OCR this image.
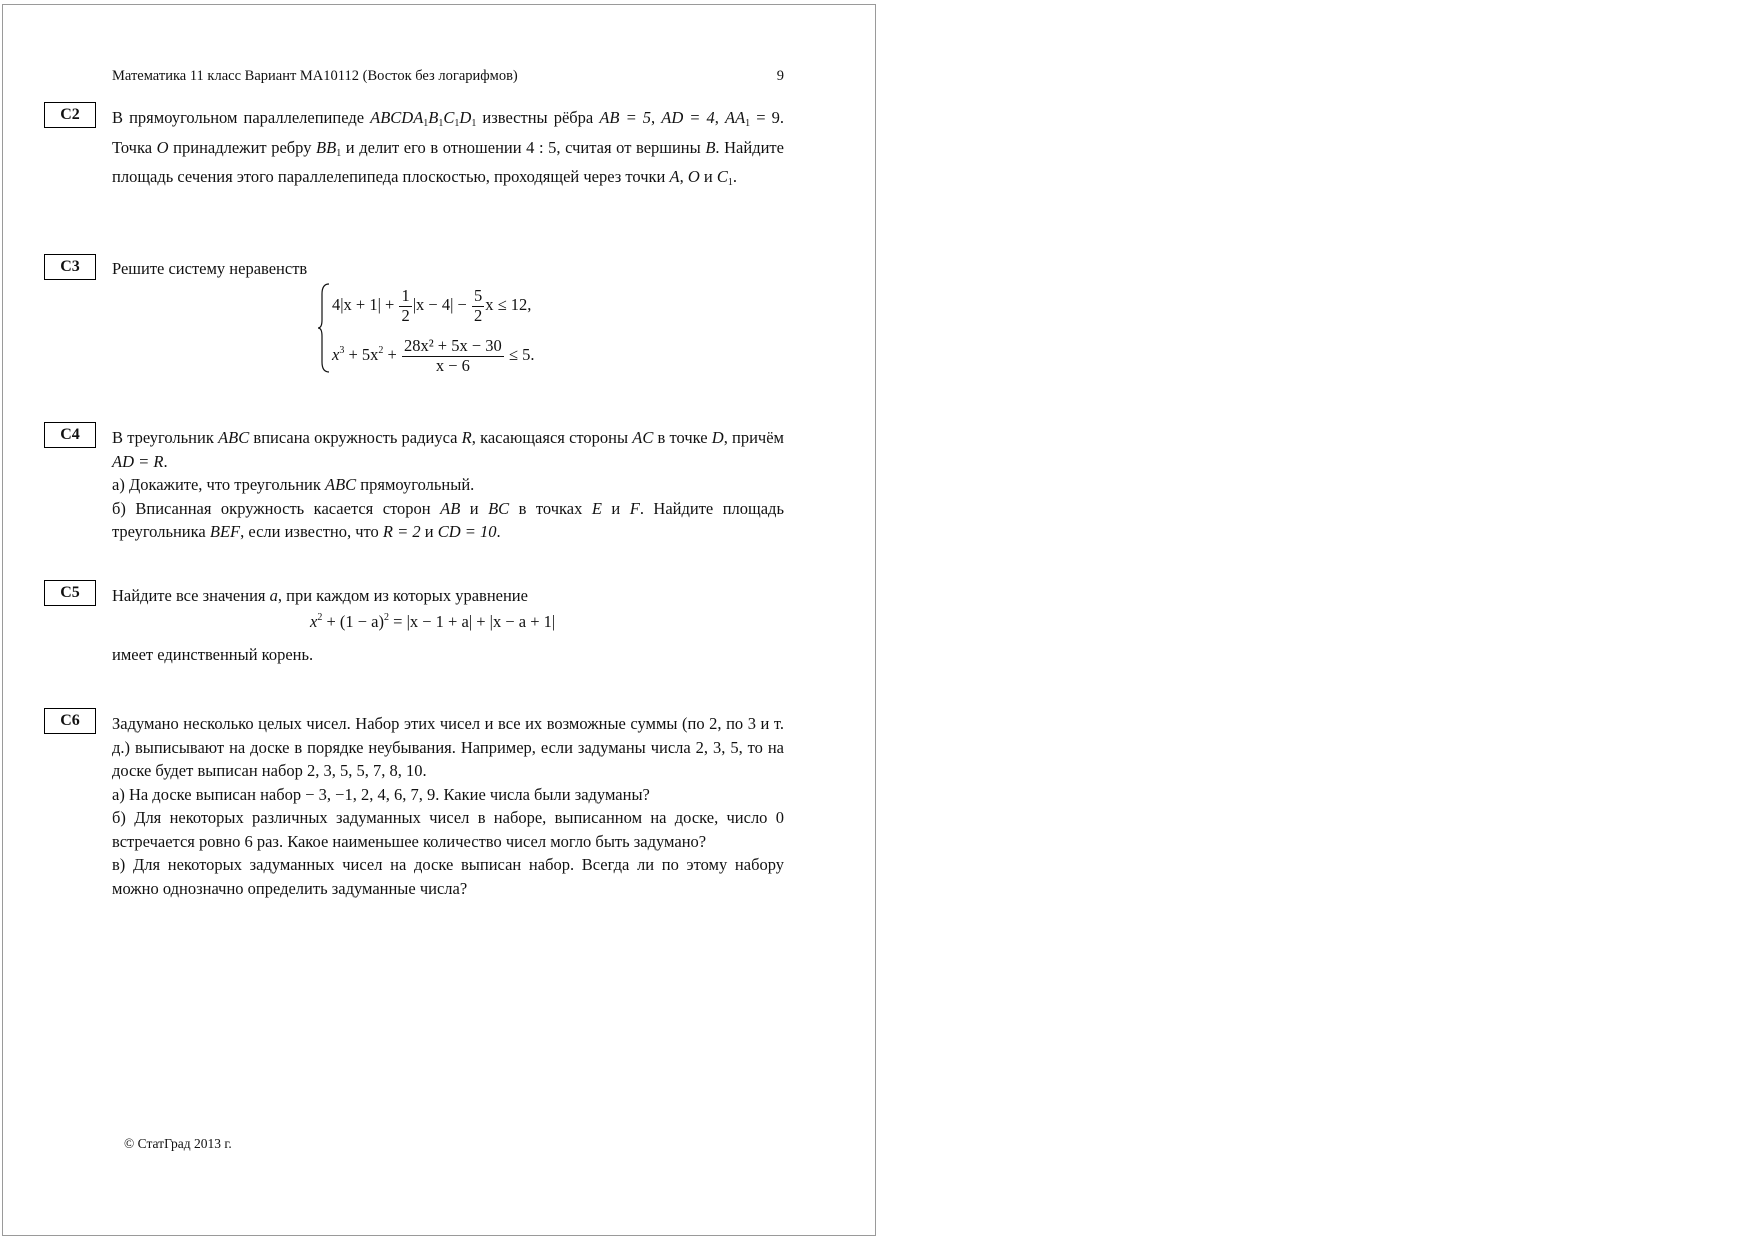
Математика 11 класс Вариант МА10112 (Восток без логарифмов)	9
C2	В прямоугольном параллелепипеде $ABCDA_1B_1C_1D_1$ известны рёбра AB = 5, AD = 4, $AA_1 = 9$. Точка O принадлежит ребру $BB_1$ и делит его в отношении 4 : 5, считая от вершины B. Найдите площадь сечения этого параллелепипеда плоскостью, проходящей через точки A, O и $C_1$.

C3	Решите систему неравенств
$4|x + 1| + \frac{1}{2} |x - 4| - \frac{5}{2}$ x ≤ 12,
$x^3 + 5x^2 + \frac{\text{28x² + 5x − 30}}{x - 6} \le 5$.
C4	В треугольник ABC вписана окружность радиуса R, касающаяся стороны AC в точке D, причём AD = R.

а) Докажите, что треугольник ABC прямоугольный.

б) Вписанная окружность касается сторон AB и BC в точках E и F. Найдите площадь треугольника BEF, если известно, что R = 2 и CD = 10.

C5	Найдите все значения a, при каждом из которых уравнение
$x^2 + (1 - a)^2 = |x - 1 + a| + |x - a + 1|$
имеет единственный корень.
C6	Задумано несколько целых чисел. Набор этих чисел и все их возможные суммы (по 2, по 3 и т. д.) выписывают на доске в порядке неубывания. Например, если задуманы числа 2, 3, 5, то на доске будет выписан набор 2, 3, 5, 5, 7, 8, 10.

а) На доске выписан набор − 3, −1, 2, 4, 6, 7, 9. Какие числа были задуманы?

б) Для некоторых различных задуманных чисел в наборе, выписанном на доске, число 0 встречается ровно 6 раз. Какое наименьшее количество чисел могло быть задумано?

в) Для некоторых задуманных чисел на доске выписан набор. Всегда ли по этому набору можно однозначно определить задуманные числа?

© СтатГрад 2013 г.
